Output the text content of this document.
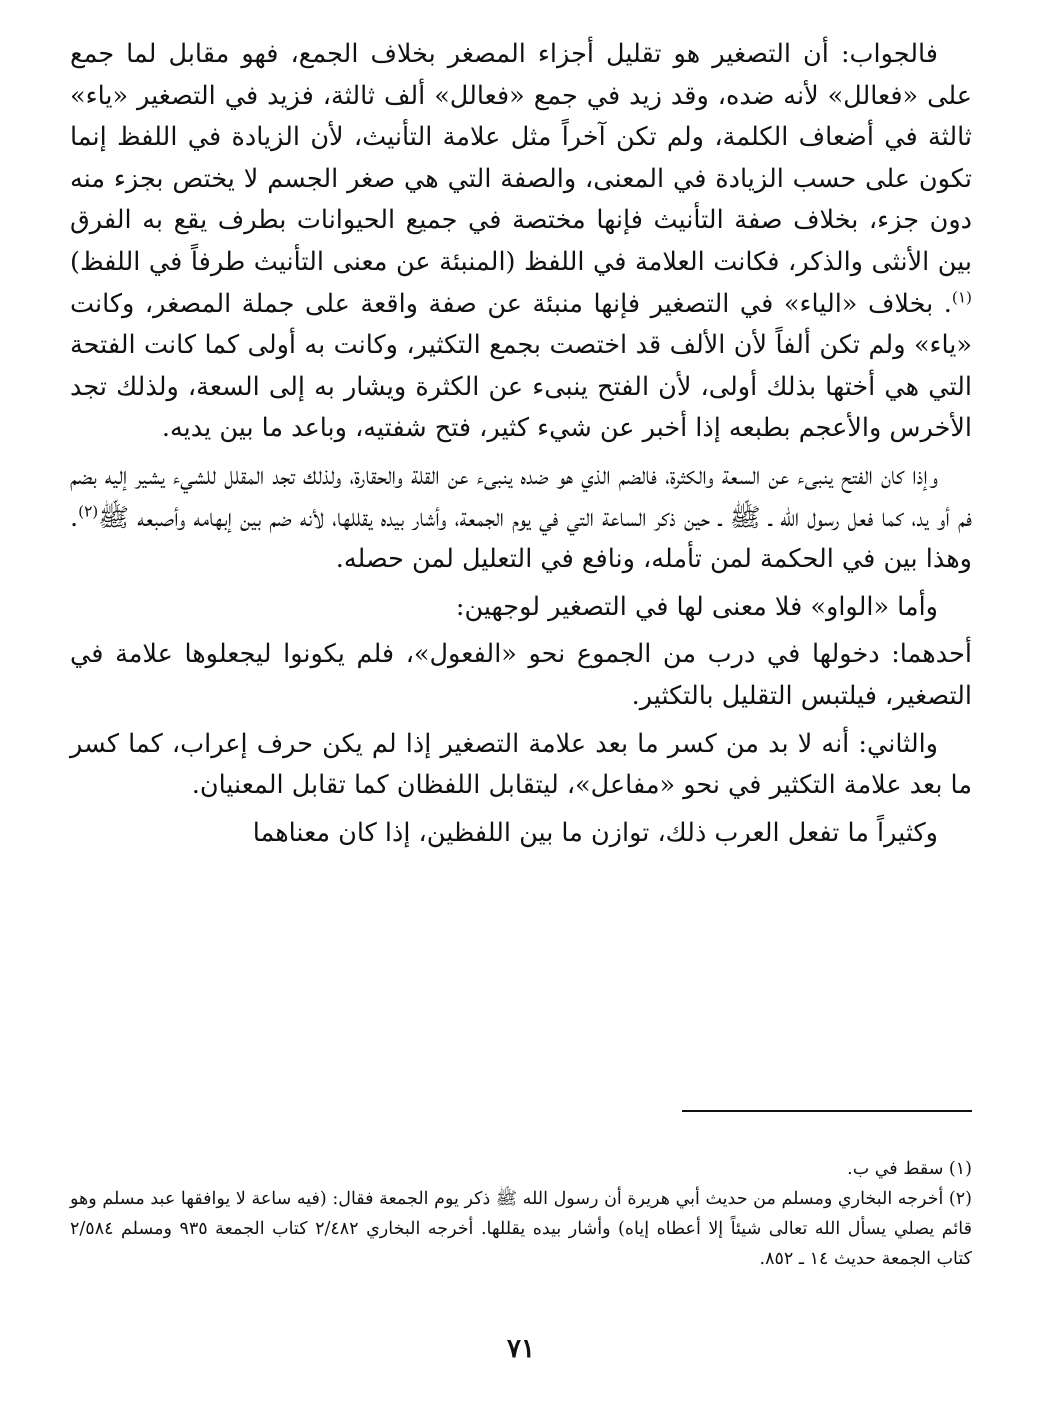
فالجواب: أن التصغير هو تقليل أجزاء المصغر بخلاف الجمع، فهو مقابل لما جمع على «فعالل» لأنه ضده، وقد زيد في جمع «فعالل» ألف ثالثة، فزيد في التصغير «ياء» ثالثة في أضعاف الكلمة، ولم تكن آخراً مثل علامة التأنيث، لأن الزيادة في اللفظ إنما تكون على حسب الزيادة في المعنى، والصفة التي هي صغر الجسم لا يختص بجزء منه دون جزء، بخلاف صفة التأنيث فإنها مختصة في جميع الحيوانات بطرف يقع به الفرق بين الأنثى والذكر، فكانت العلامة في اللفظ (المنبئة عن معنى التأنيث طرفاً في اللفظ)$^{(١)}$. بخلاف «الياء» في التصغير فإنها منبئة عن صفة واقعة على جملة المصغر، وكانت «ياء» ولم تكن ألفاً لأن الألف قد اختصت بجمع التكثير، وكانت به أولى كما كانت الفتحة التي هي أختها بذلك أولى، لأن الفتح ينبىء عن الكثرة ويشار به إلى السعة، ولذلك تجد الأخرس والأعجم بطبعه إذا أخبر عن شيء كثير، فتح شفتيه، وباعد ما بين يديه.

وإذا كان الفتح ينبىء عن السعة والكثرة، فالضم الذي هو ضده ينبىء عن القلة والحقارة، ولذلك تجد المقلل للشيء يشير إليه بضم فم أو يد، كما فعل رسول الله ـ ﷺ ـ حين ذكر الساعة التي في يوم الجمعة، وأشار بيده يقللها، لأنه ضم بين إبهامه وأصبعه ﷺ$^{(٢)}$. وهذا بين في الحكمة لمن تأمله، ونافع في التعليل لمن حصله.

وأما «الواو» فلا معنى لها في التصغير لوجهين:

أحدهما: دخولها في درب من الجموع نحو «الفعول»، فلم يكونوا ليجعلوها علامة في التصغير، فيلتبس التقليل بالتكثير.

والثاني: أنه لا بد من كسر ما بعد علامة التصغير إذا لم يكن حرف إعراب، كما كسر ما بعد علامة التكثير في نحو «مفاعل»، ليتقابل اللفظان كما تقابل المعنيان.

وكثيراً ما تفعل العرب ذلك، توازن ما بين اللفظين، إذا كان معناهما

(١) سقط في ب.

(٢) أخرجه البخاري ومسلم من حديث أبي هريرة أن رسول الله ﷺ ذكر يوم الجمعة فقال: (فيه ساعة لا يوافقها عبد مسلم وهو قائم يصلي يسأل الله تعالى شيئاً إلا أعطاه إياه) وأشار بيده يقللها. أخرجه البخاري ٢/٤٨٢ كتاب الجمعة ٩٣٥ ومسلم ٢/٥٨٤ كتاب الجمعة حديث ١٤ ـ ٨٥٢.

٧١
